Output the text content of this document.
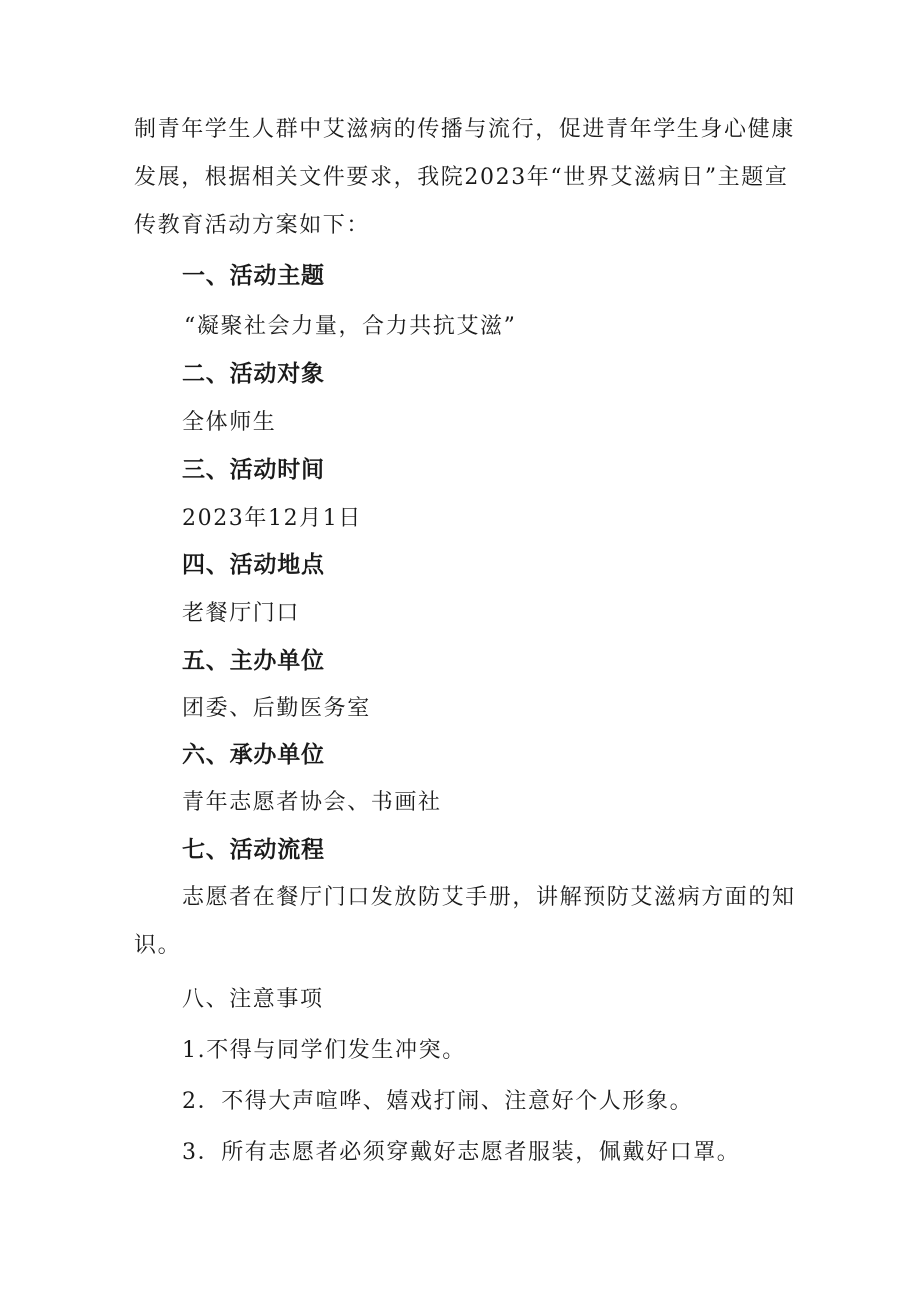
制青年学生人群中艾滋病的传播与流行，促进青年学生身心健康
发展，根据相关文件要求，我院2023年“世界艾滋病日”主题宣
传教育活动方案如下：
一、活动主题
“凝聚社会力量，合力共抗艾滋”
二、活动对象
全体师生
三、活动时间
2023年12月1日
四、活动地点
老餐厅门口
五、主办单位
团委、后勤医务室
六、承办单位
青年志愿者协会、书画社
七、活动流程
志愿者在餐厅门口发放防艾手册，讲解预防艾滋病方面的知
识。
八、注意事项
1.不得与同学们发生冲突。
2．不得大声喧哗、嬉戏打闹、注意好个人形象。
3．所有志愿者必须穿戴好志愿者服装，佩戴好口罩。
